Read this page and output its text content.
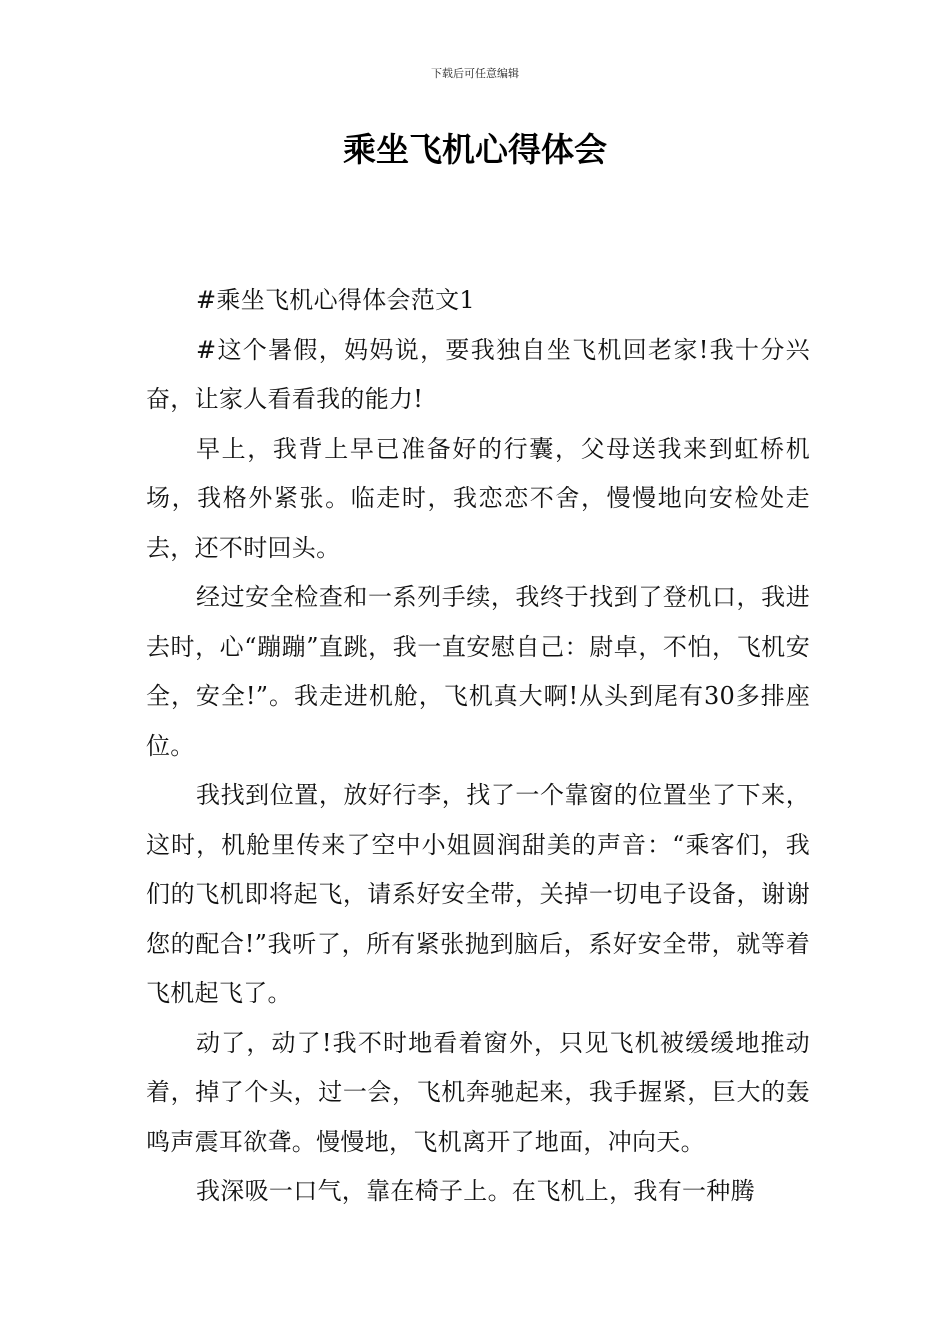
下载后可任意编辑
乘坐飞机心得体会

#乘坐飞机心得体会范文1

#这个暑假，妈妈说，要我独自坐飞机回老家!我十分兴奋，让家人看看我的能力!

早上，我背上早已准备好的行囊，父母送我来到虹桥机场，我格外紧张。临走时，我恋恋不舍，慢慢地向安检处走去，还不时回头。

经过安全检查和一系列手续，我终于找到了登机口，我进去时，心“蹦蹦”直跳，我一直安慰自己：尉卓，不怕，飞机安全，安全!”。我走进机舱，飞机真大啊!从头到尾有30多排座位。

我找到位置，放好行李，找了一个靠窗的位置坐了下来，这时，机舱里传来了空中小姐圆润甜美的声音：“乘客们，我们的飞机即将起飞，请系好安全带，关掉一切电子设备，谢谢您的配合!”我听了，所有紧张抛到脑后，系好安全带，就等着飞机起飞了。

动了，动了!我不时地看着窗外，只见飞机被缓缓地推动着，掉了个头，过一会，飞机奔驰起来，我手握紧，巨大的轰鸣声震耳欲聋。慢慢地，飞机离开了地面，冲向天。

我深吸一口气，靠在椅子上。在飞机上，我有一种腾
